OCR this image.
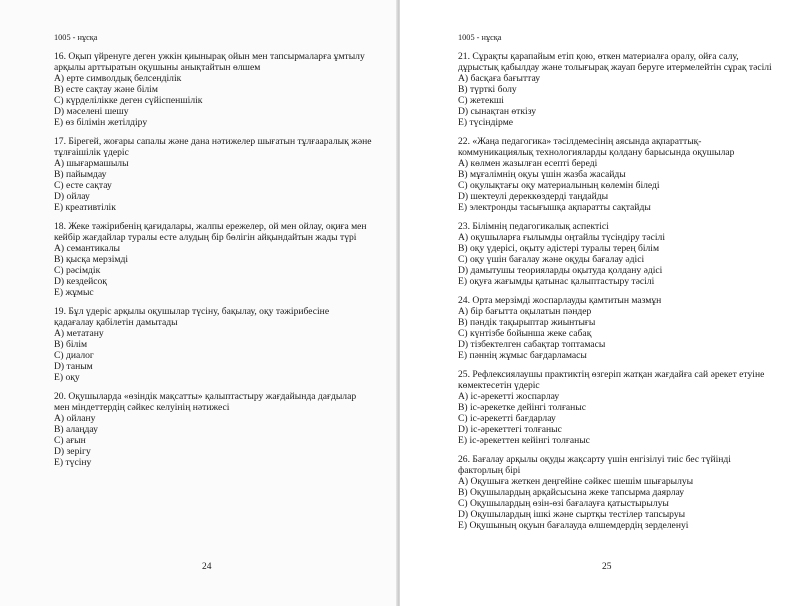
1005 - нұсқа
16. Оқып үйренуге деген ужкін қиынырақ ойын мен тапсырмаларға ұмтылу
арқылы арттыратын оқушыны анықтайтын өлшем
A) ерте символдық белсенділік
B) есте сақтау және білім
C) күрделілікке деген сүйіспеншілік
D) мәселені шешу
E) өз білімін жетілдіру
17. Бірегей, жоғары сапалы және дана нәтижелер шығатын тұлғааралық және
тұлғаішілік үдеріс
A) шығармашылы
B) пайымдау
C) есте сақтау
D) ойлау
E) креативтілік
18. Жеке тәжірибенің қағидалары, жалпы ережелер, ой мен ойлау, оқиға мен
кейбір жағдайлар туралы есте алудың бір бөлігін айқындайтын жады түрі
A) семантикалы
B) қысқа мерзімді
C) рәсімдік
D) кездейсоқ
E) жұмыс
19. Бұл үдеріс арқылы оқушылар түсіну, бақылау, оқу тәжірибесіне
қадағалау қабілетін дамытады
A) метатану
B) білім
C) диалог
D) таным
E) оқу
20. Оқушыларда «өзіндік мақсатты» қалыптастыру жағдайында дағдылар
мен міндеттердің сәйкес келуінің нәтижесі
A) ойлану
B) алаңдау
C) ағын
D) зерігу
E) түсіну
24
1005 - нұсқа
21. Сұрақты қарапайым етіп қою, өткен материалға оралу, ойға салу,
дұрыстық қабылдау және толығырақ жауап беруге итермелейтін сұрақ тәсілі
A) басқаға бағыттау
B) түрткі болу
C) жетекші
D) сынақтан өткізу
E) түсіндірме
22. «Жаңа педагогика» тәсілдемесінің аясында ақпараттық-
коммуникациялық технологияларды қолдану барысында оқушылар
A) көлмен жазылған есепті береді
B) мұғалімнің оқуы үшін жазба жасайды
C) оқулықтағы оқу материалының көлемін біледі
D) шектеулі дереккөздерді таңдайды
E) электронды тасығышқа ақпаратты сақтайды
23. Білімнің педагогикалық аспектісі
A) оқушыларға ғылымды оңтайлы түсіндіру тәсілі
B) оқу үдерісі, оқыту әдістері туралы терең білім
C) оқу үшін бағалау және оқуды бағалау әдісі
D) дамытушы теорияларды оқытуда қолдану әдісі
E) оқуға жағымды қатынас қалыптастыру тәсілі
24. Орта мерзімді жоспарлауды қамтитын мазмұн
A) бір бағытта оқылатын пәндер
B) пәндік тақырыптар жиынтығы
C) күнтізбе бойынша жеке сабақ
D) тізбектелген сабақтар топтамасы
E) пәннің жұмыс бағдарламасы
25. Рефлексиялаушы практиктің өзгеріп жатқан жағдайға сай әрекет етуіне
көмектесетін үдеріс
A) іс-әрекетті жоспарлау
B) іс-әрекетке дейінгі толғаныс
C) іс-әрекетті бағдарлау
D) іс-әрекеттегі толғаныс
E) іс-әрекеттен кейінгі толғаныс
26. Бағалау арқылы оқуды жақсарту үшін енгізілуі тиіс бес түйінді
факторлың бірі
A) Оқушыға жеткен деңгейіне сәйкес шешім шығарылуы
B) Оқушылардың арқайсысына жеке тапсырма даярлау
C) Оқушылардың өзін-өзі бағалауға қатыстырылуы
D) Оқушылардың ішкі және сыртқы тестілер тапсыруы
E) Оқушының оқуын бағалауда өлшемдердің зерделенуі
25
